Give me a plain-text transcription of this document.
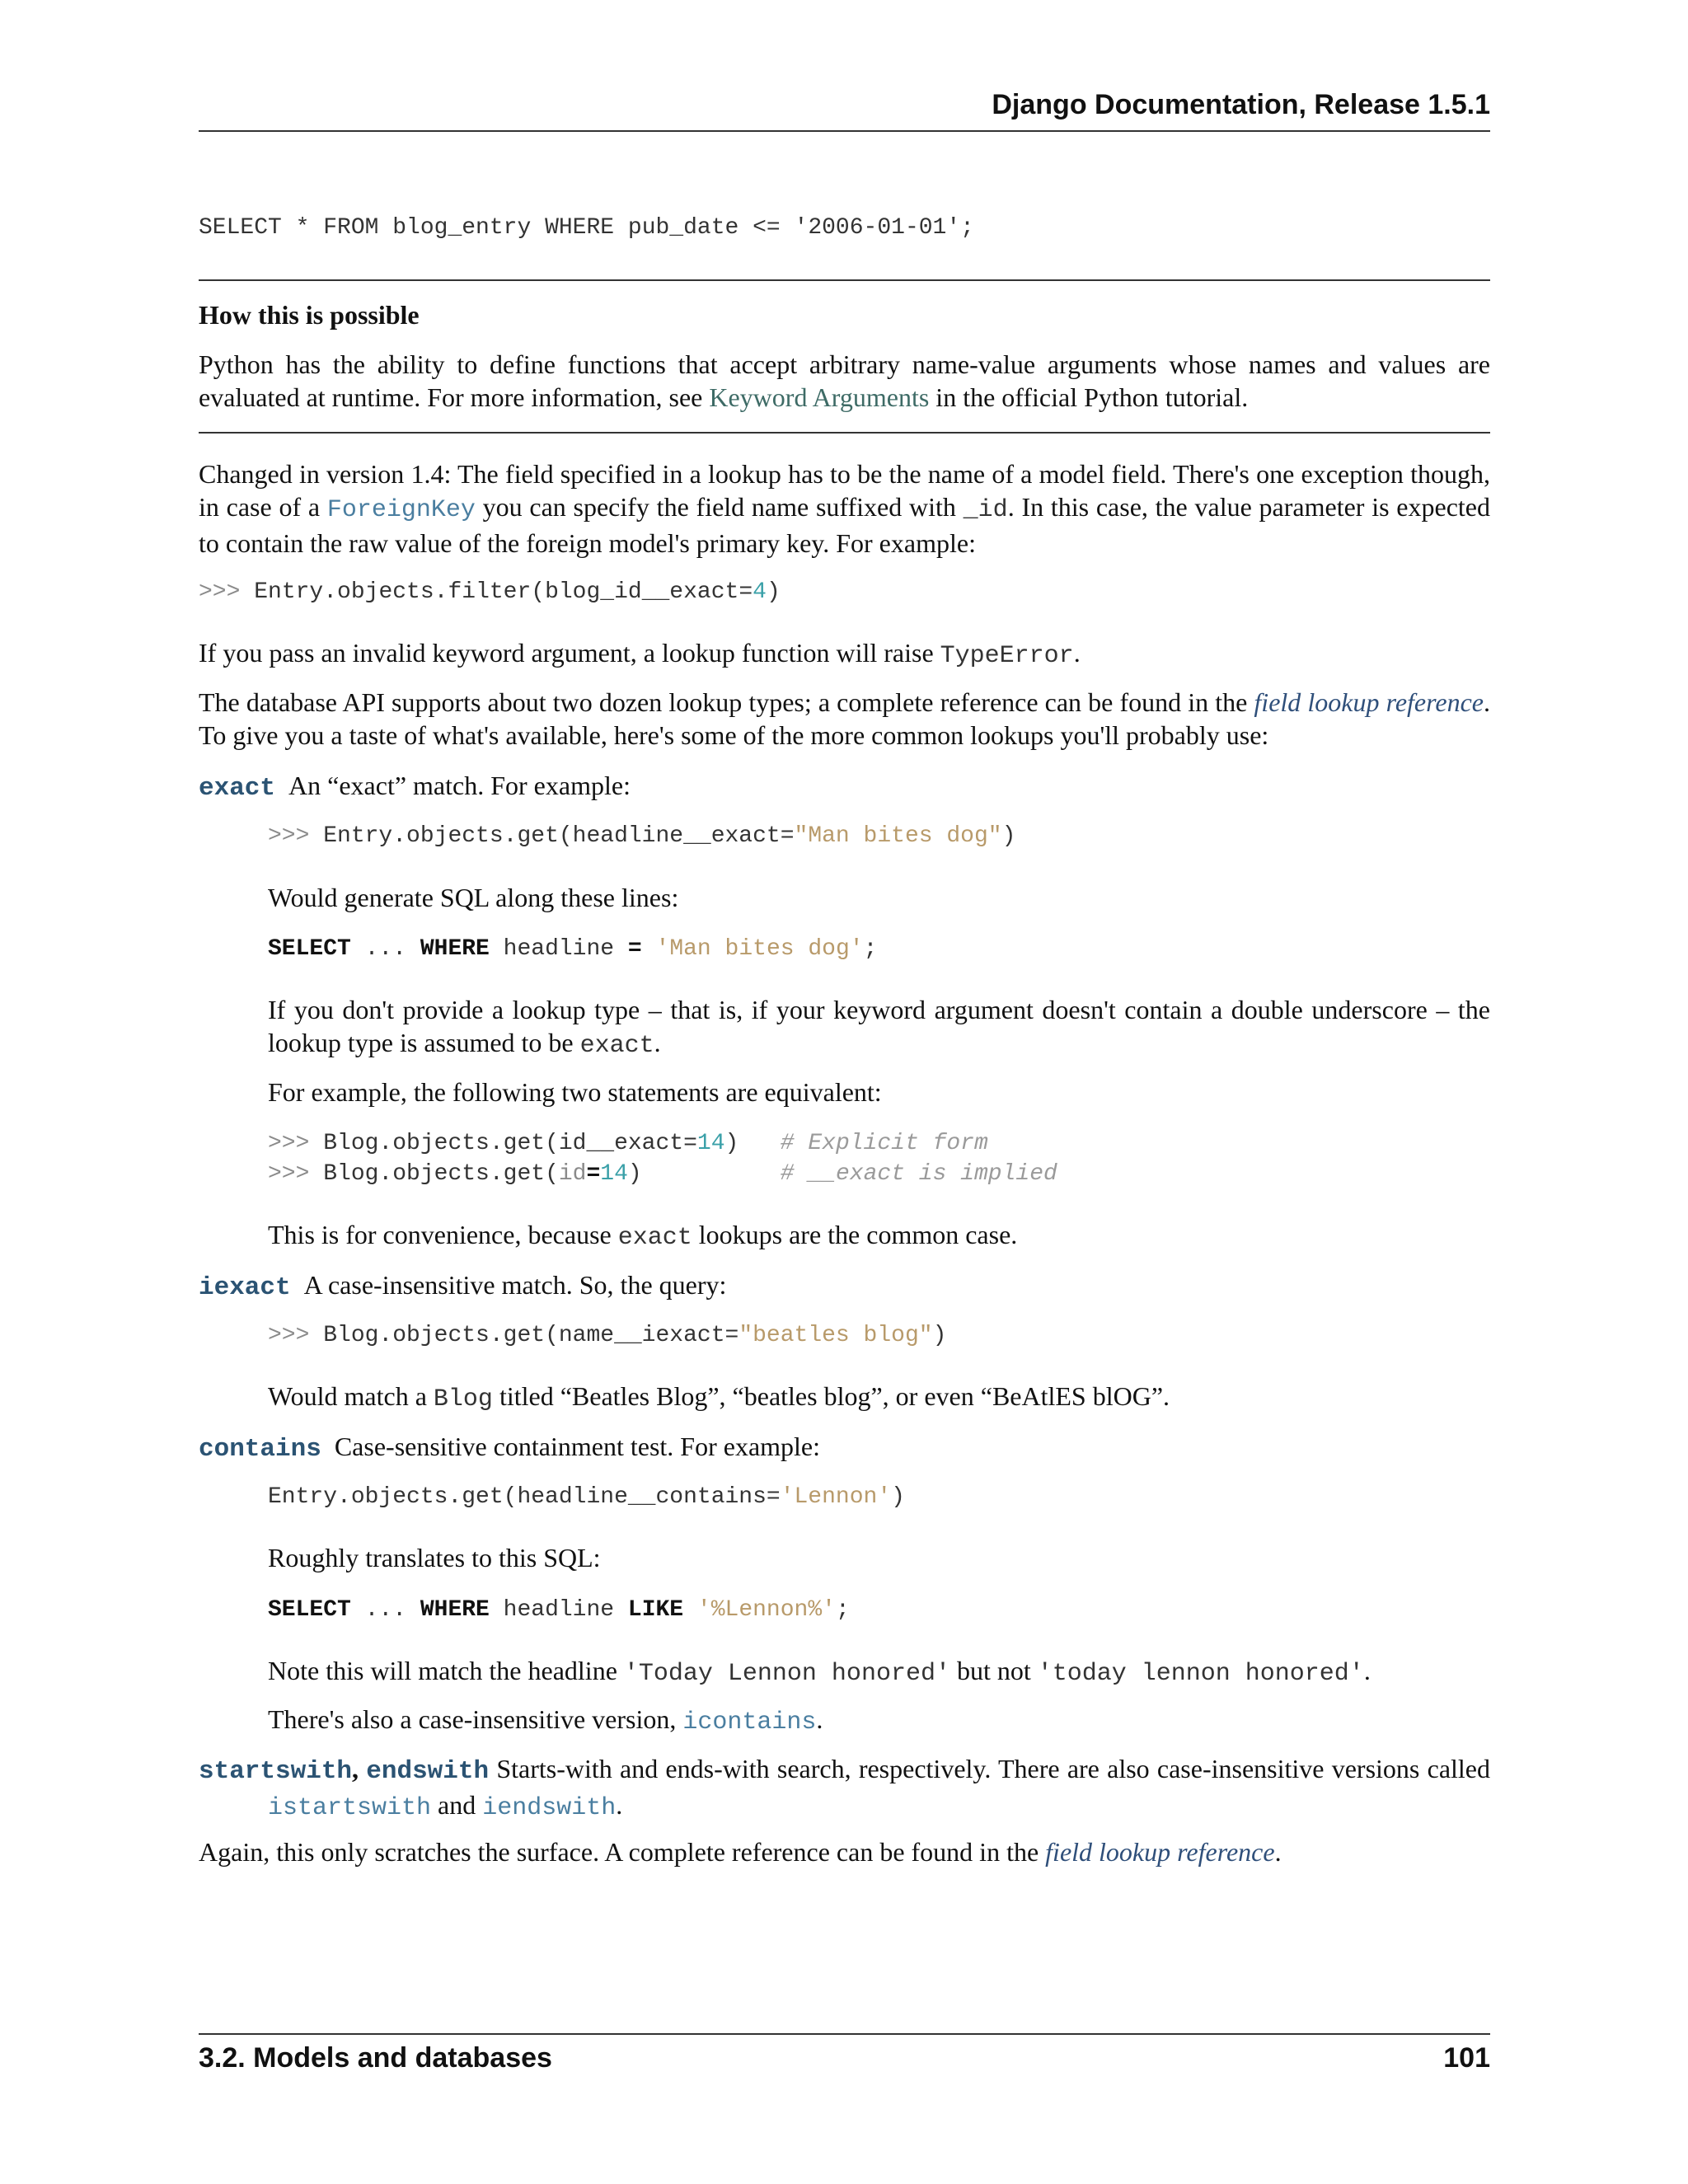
Django Documentation, Release 1.5.1
SELECT * FROM blog_entry WHERE pub_date <= '2006-01-01';
How this is possible
Python has the ability to define functions that accept arbitrary name-value arguments whose names and values are evaluated at runtime. For more information, see Keyword Arguments in the official Python tutorial.
Changed in version 1.4: The field specified in a lookup has to be the name of a model field. There's one exception though, in case of a ForeignKey you can specify the field name suffixed with _id. In this case, the value parameter is expected to contain the raw value of the foreign model's primary key. For example:
>>> Entry.objects.filter(blog_id__exact=4)
If you pass an invalid keyword argument, a lookup function will raise TypeError.
The database API supports about two dozen lookup types; a complete reference can be found in the field lookup reference. To give you a taste of what's available, here's some of the more common lookups you'll probably use:
exact An “exact” match. For example:
>>> Entry.objects.get(headline__exact="Man bites dog")
Would generate SQL along these lines:
SELECT ... WHERE headline = 'Man bites dog';
If you don't provide a lookup type – that is, if your keyword argument doesn't contain a double underscore – the lookup type is assumed to be exact.
For example, the following two statements are equivalent:
>>> Blog.objects.get(id__exact=14)   # Explicit form
>>> Blog.objects.get(id=14)          # __exact is implied
This is for convenience, because exact lookups are the common case.
iexact A case-insensitive match. So, the query:
>>> Blog.objects.get(name__iexact="beatles blog")
Would match a Blog titled “Beatles Blog”, “beatles blog”, or even “BeAtlES blOG”.
contains Case-sensitive containment test. For example:
Entry.objects.get(headline__contains='Lennon')
Roughly translates to this SQL:
SELECT ... WHERE headline LIKE '%Lennon%';
Note this will match the headline 'Today Lennon honored' but not 'today lennon honored'.
There's also a case-insensitive version, icontains.
startswith, endswith Starts-with and ends-with search, respectively. There are also case-insensitive versions called istartswith and iendswith.
Again, this only scratches the surface. A complete reference can be found in the field lookup reference.
3.2. Models and databases	101
